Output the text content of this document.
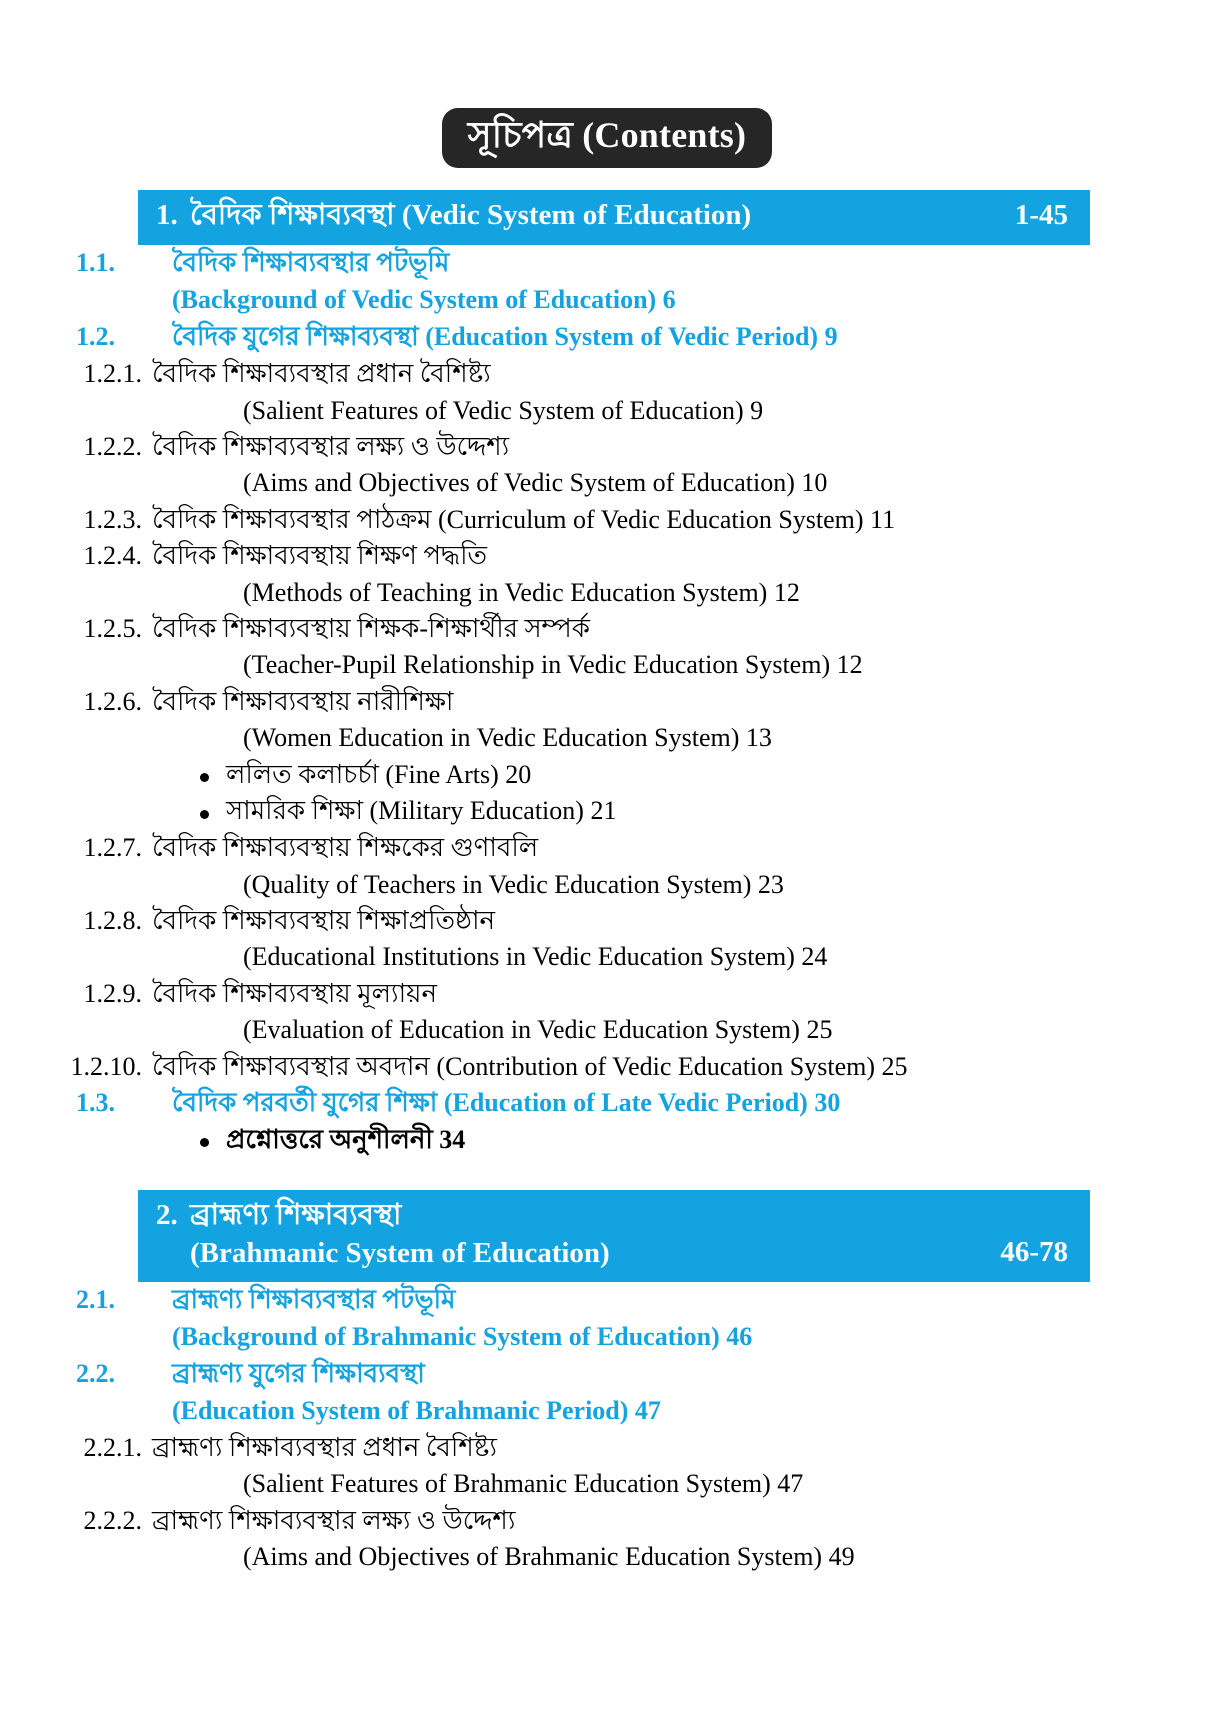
সূচিপত্র (Contents)
1. বৈদিক শিক্ষাব্যবস্থা (Vedic System of Education)	1-45
1.1. বৈদিক শিক্ষাব্যবস্থার পটভূমি
(Background of Vedic System of Education) 6
1.2. বৈদিক যুগের শিক্ষাব্যবস্থা (Education System of Vedic Period) 9
1.2.1. বৈদিক শিক্ষাব্যবস্থার প্রধান বৈশিষ্ট্য
(Salient Features of Vedic System of Education) 9
1.2.2. বৈদিক শিক্ষাব্যবস্থার লক্ষ্য ও উদ্দেশ্য
(Aims and Objectives of Vedic System of Education) 10
1.2.3. বৈদিক শিক্ষাব্যবস্থার পাঠক্রম (Curriculum of Vedic Education System) 11
1.2.4. বৈদিক শিক্ষাব্যবস্থায় শিক্ষণ পদ্ধতি
(Methods of Teaching in Vedic Education System) 12
1.2.5. বৈদিক শিক্ষাব্যবস্থায় শিক্ষক-শিক্ষার্থীর সম্পর্ক
(Teacher-Pupil Relationship in Vedic Education System) 12
1.2.6. বৈদিক শিক্ষাব্যবস্থায় নারীশিক্ষা
(Women Education in Vedic Education System) 13
ললিত কলাচর্চা (Fine Arts) 20
সামরিক শিক্ষা (Military Education) 21
1.2.7. বৈদিক শিক্ষাব্যবস্থায় শিক্ষকের গুণাবলি
(Quality of Teachers in Vedic Education System) 23
1.2.8. বৈদিক শিক্ষাব্যবস্থায় শিক্ষাপ্রতিষ্ঠান
(Educational Institutions in Vedic Education System) 24
1.2.9. বৈদিক শিক্ষাব্যবস্থায় মূল্যায়ন
(Evaluation of Education in Vedic Education System) 25
1.2.10. বৈদিক শিক্ষাব্যবস্থার অবদান (Contribution of Vedic Education System) 25
1.3. বৈদিক পরবর্তী যুগের শিক্ষা (Education of Late Vedic Period) 30
প্রশ্নোত্তরে অনুশীলনী 34
2. ব্রাহ্মণ্য শিক্ষাব্যবস্থা
(Brahmanic System of Education)	46-78
2.1. ব্রাহ্মণ্য শিক্ষাব্যবস্থার পটভূমি
(Background of Brahmanic System of Education) 46
2.2. ব্রাহ্মণ্য যুগের শিক্ষাব্যবস্থা
(Education System of Brahmanic Period) 47
2.2.1. ব্রাহ্মণ্য শিক্ষাব্যবস্থার প্রধান বৈশিষ্ট্য
(Salient Features of Brahmanic Education System) 47
2.2.2. ব্রাহ্মণ্য শিক্ষাব্যবস্থার লক্ষ্য ও উদ্দেশ্য
(Aims and Objectives of Brahmanic Education System) 49
